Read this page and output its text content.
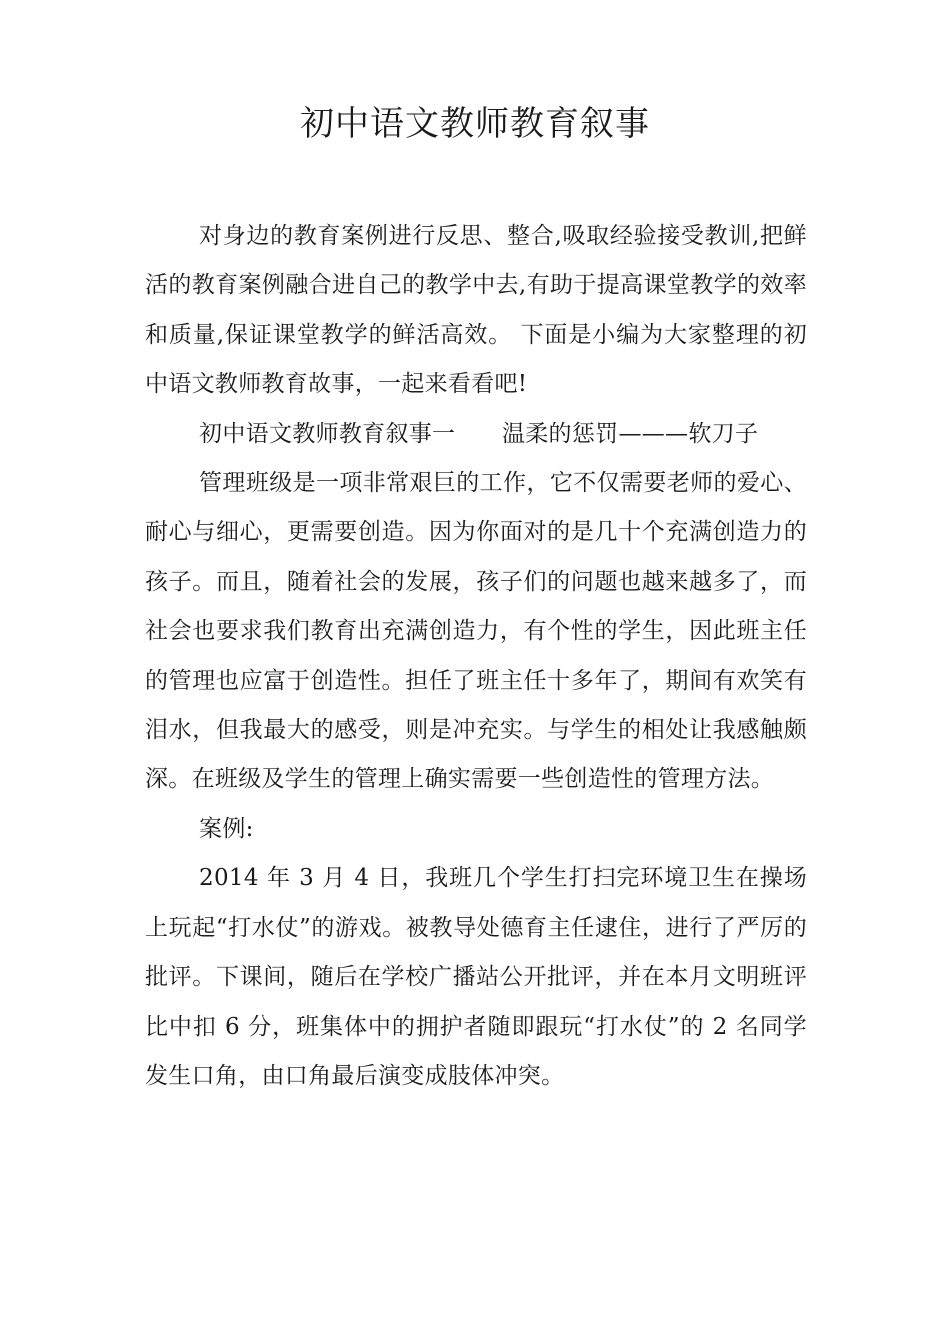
初中语文教师教育叙事

对身边的教育案例进行反思、整合,吸取经验接受教训,把鲜活的教育案例融合进自己的教学中去,有助于提高课堂教学的效率和质量,保证课堂教学的鲜活高效。 下面是小编为大家整理的初中语文教师教育故事，一起来看看吧!

初中语文教师教育叙事一　　温柔的惩罚———软刀子

管理班级是一项非常艰巨的工作，它不仅需要老师的爱心、耐心与细心，更需要创造。因为你面对的是几十个充满创造力的孩子。而且，随着社会的发展，孩子们的问题也越来越多了，而社会也要求我们教育出充满创造力，有个性的学生，因此班主任的管理也应富于创造性。担任了班主任十多年了，期间有欢笑有泪水，但我最大的感受，则是冲充实。与学生的相处让我感触颇深。在班级及学生的管理上确实需要一些创造性的管理方法。

案例:

2014 年 3 月 4 日，我班几个学生打扫完环境卫生在操场上玩起“打水仗”的游戏。被教导处德育主任逮住，进行了严厉的批评。下课间，随后在学校广播站公开批评，并在本月文明班评比中扣 6 分，班集体中的拥护者随即跟玩“打水仗”的 2 名同学发生口角，由口角最后演变成肢体冲突。
